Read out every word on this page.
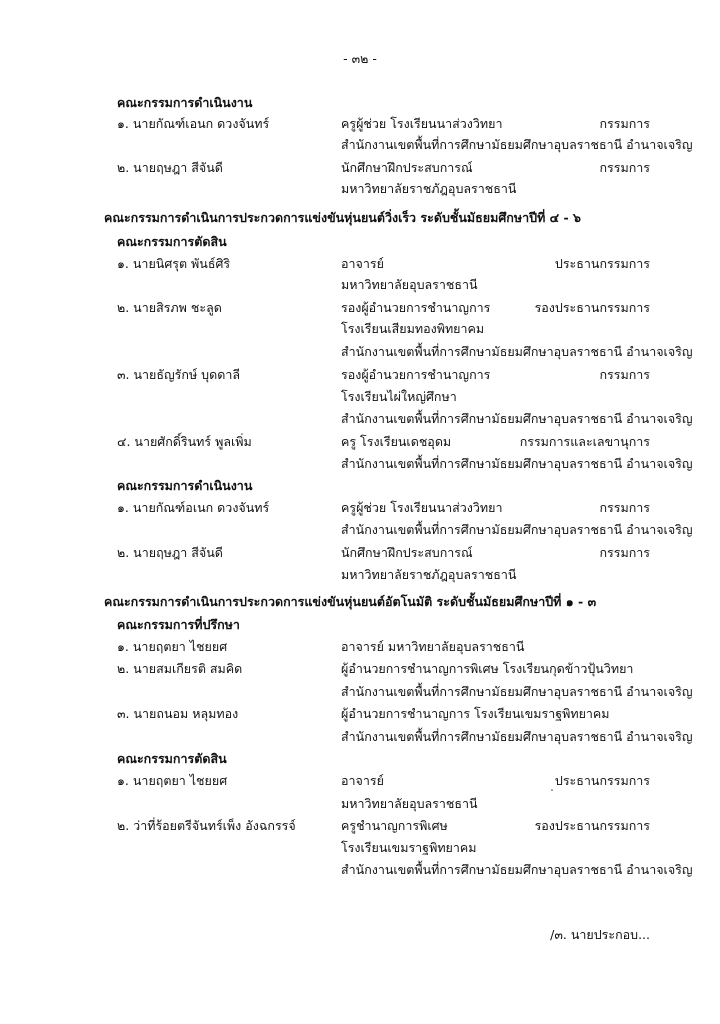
- ๓๒ -
คณะกรรมการดำเนินงาน
๑. นายกัณฑ์เอนก ดวงจันทร์	ครูผู้ช่วย โรงเรียนนาส่วงวิทยา	กรรมการ
สำนักงานเขตพื้นที่การศึกษามัธยมศึกษาอุบลราชธานี อำนาจเจริญ
๒. นายฤษฎา สีจันดี	นักศึกษาฝึกประสบการณ์	กรรมการ
มหาวิทยาลัยราชภัฎอุบลราชธานี
คณะกรรมการดำเนินการประกวดการแข่งขันหุ่นยนต์วิ่งเร็ว ระดับชั้นมัธยมศึกษาปีที่ ๔ - ๖
คณะกรรมการตัดสิน
๑. นายนิศรุต พันธ์ศิริ	อาจารย์	ประธานกรรมการ
มหาวิทยาลัยอุบลราชธานี
๒. นายสิรภพ ชะลูด	รองผู้อำนวยการชำนาญการ	รองประธานกรรมการ
โรงเรียนเสียมทองพิทยาคม
สำนักงานเขตพื้นที่การศึกษามัธยมศึกษาอุบลราชธานี อำนาจเจริญ
๓. นายธัญรักษ์ บุดดาลี	รองผู้อำนวยการชำนาญการ	กรรมการ
โรงเรียนไผ่ใหญ่ศึกษา
สำนักงานเขตพื้นที่การศึกษามัธยมศึกษาอุบลราชธานี อำนาจเจริญ
๔. นายศักดิ์รินทร์ พูลเพิ่ม	ครู โรงเรียนเดชอุดม	กรรมการและเลขานุการ
สำนักงานเขตพื้นที่การศึกษามัธยมศึกษาอุบลราชธานี อำนาจเจริญ
คณะกรรมการดำเนินงาน
๑. นายกัณฑ์อเนก ดวงจันทร์	ครูผู้ช่วย โรงเรียนนาส่วงวิทยา	กรรมการ
สำนักงานเขตพื้นที่การศึกษามัธยมศึกษาอุบลราชธานี อำนาจเจริญ
๒. นายฤษฎา สีจันดี	นักศึกษาฝึกประสบการณ์	กรรมการ
มหาวิทยาลัยราชภัฎอุบลราชธานี
คณะกรรมการดำเนินการประกวดการแข่งขันหุ่นยนต์อัตโนมัติ ระดับชั้นมัธยมศึกษาปีที่ ๑ - ๓
คณะกรรมการที่ปรึกษา
๑. นายฤตยา ไชยยศ	อาจารย์ มหาวิทยาลัยอุบลราชธานี
๒. นายสมเกียรติ สมคิด	ผู้อำนวยการชำนาญการพิเศษ โรงเรียนกุดข้าวปุ้นวิทยา
สำนักงานเขตพื้นที่การศึกษามัธยมศึกษาอุบลราชธานี อำนาจเจริญ
๓. นายถนอม หลุมทอง	ผู้อำนวยการชำนาญการ โรงเรียนเขมราฐพิทยาคม
สำนักงานเขตพื้นที่การศึกษามัธยมศึกษาอุบลราชธานี อำนาจเจริญ
คณะกรรมการตัดสิน
๑. นายฤตยา ไชยยศ	อาจารย์	ประธานกรรมการ
มหาวิทยาลัยอุบลราชธานี
๒. ว่าที่ร้อยตรีจันทร์เพ็ง อังฉกรรจ์	ครูชำนาญการพิเศษ	รองประธานกรรมการ
โรงเรียนเขมราฐพิทยาคม
สำนักงานเขตพื้นที่การศึกษามัธยมศึกษาอุบลราชธานี อำนาจเจริญ
/๓. นายประกอบ...
